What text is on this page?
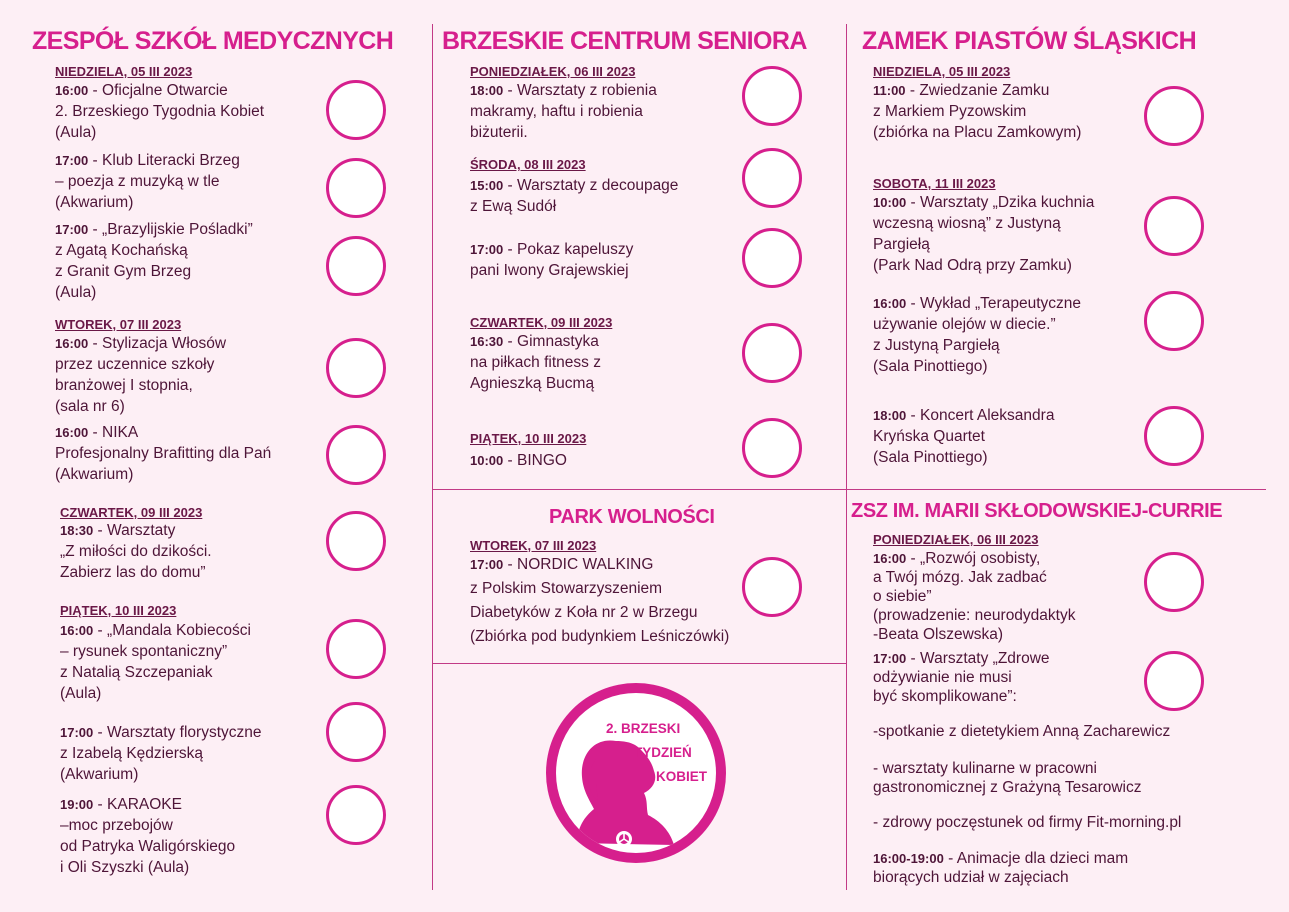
ZESPÓŁ SZKÓŁ MEDYCZNYCH
NIEDZIELA, 05 III 2023
16:00 - Oficjalne Otwarcie
2. Brzeskiego Tygodnia Kobiet
(Aula)
17:00 - Klub Literacki Brzeg
– poezja z muzyką w tle
(Akwarium)
17:00 - „Brazylijskie Pośladki”
z Agatą Kochańską
z Granit Gym Brzeg
(Aula)
WTOREK, 07 III 2023
16:00 - Stylizacja Włosów
przez uczennice szkoły
branżowej I stopnia,
(sala nr 6)
16:00 - NIKA
Profesjonalny Brafitting dla Pań
(Akwarium)
CZWARTEK, 09 III 2023
18:30 - Warsztaty
„Z miłości do dzikości.
Zabierz las do domu”
PIĄTEK, 10 III 2023
16:00 - „Mandala Kobiecości
– rysunek spontaniczny”
z Natalią Szczepaniak
(Aula)
17:00 - Warsztaty florystyczne
z Izabelą Kędzierską
(Akwarium)
19:00 - KARAOKE
–moc przebojów
od Patryka Waligórskiego
i Oli Szyszki (Aula)
BRZESKIE CENTRUM SENIORA
PONIEDZIAŁEK, 06 III 2023
18:00 - Warsztaty z robienia
makramy, haftu i robienia
biżuterii.
ŚRODA, 08 III 2023
15:00 - Warsztaty z decoupage
z Ewą Sudół
17:00 - Pokaz kapeluszy
pani Iwony Grajewskiej
CZWARTEK, 09 III 2023
16:30 - Gimnastyka
na piłkach fitness z
Agnieszką Bucmą
PIĄTEK, 10 III 2023
10:00 - BINGO
PARK WOLNOŚCI
WTOREK, 07 III 2023
17:00 - NORDIC WALKING
z Polskim Stowarzyszeniem
Diabetyków z Koła nr 2 w Brzegu
(Zbiórka pod budynkiem Leśniczówki)
2. BRZESKI
TYDZIEŃ
KOBIET
ZAMEK PIASTÓW ŚLĄSKICH
NIEDZIELA, 05 III 2023
11:00 - Zwiedzanie Zamku
z Markiem Pyzowskim
(zbiórka na Placu Zamkowym)
SOBOTA, 11 III 2023
10:00 - Warsztaty „Dzika kuchnia
wczesną wiosną” z Justyną
Pargiełą
(Park Nad Odrą przy Zamku)
16:00 - Wykład „Terapeutyczne
używanie olejów w diecie.”
z Justyną Pargiełą
(Sala Pinottiego)
18:00 - Koncert Aleksandra
Kryńska Quartet
(Sala Pinottiego)
ZSZ IM. MARII SKŁODOWSKIEJ-CURRIE
PONIEDZIAŁEK, 06 III 2023
16:00 - „Rozwój osobisty,
a Twój mózg. Jak zadbać
o siebie”
(prowadzenie: neurodydaktyk
-Beata Olszewska)
17:00 - Warsztaty „Zdrowe
odżywianie nie musi
być skomplikowane”:
-spotkanie z dietetykiem Anną Zacharewicz
- warsztaty kulinarne w pracowni
gastronomicznej z Grażyną Tesarowicz
- zdrowy poczęstunek od firmy Fit-morning.pl
16:00-19:00 - Animacje dla dzieci mam
biorących udział w zajęciach
